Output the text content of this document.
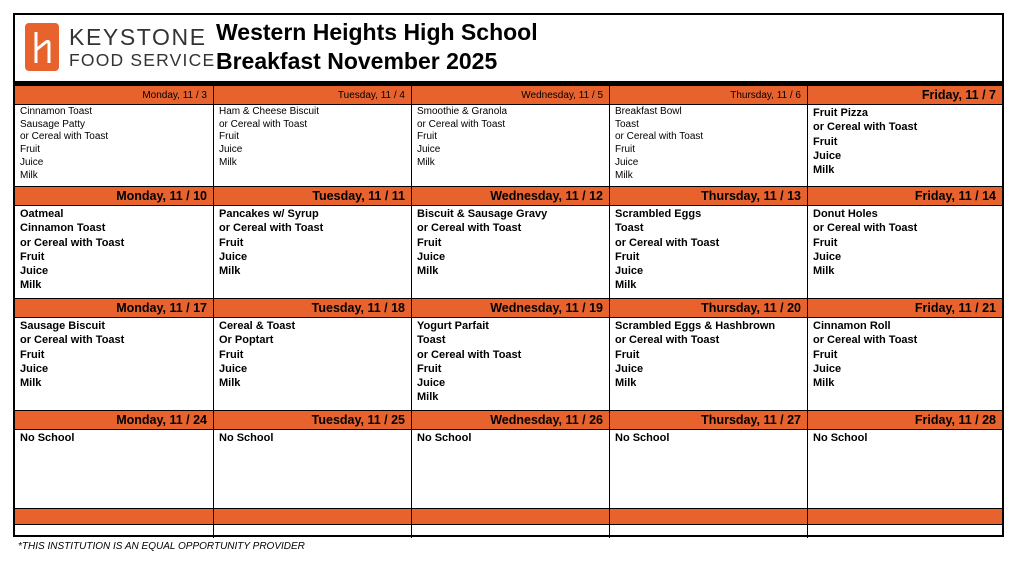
KEYSTONE
FOOD SERVICE
Western Heights High School
Breakfast November 2025
Monday, 11 / 3
Cinnamon Toast
Sausage Patty
or Cereal with Toast
Fruit
Juice
Milk
Tuesday, 11 / 4
Ham & Cheese Biscuit
or Cereal with Toast
Fruit
Juice
Milk
Wednesday, 11 / 5
Smoothie & Granola
or Cereal with Toast
Fruit
Juice
Milk
Thursday, 11 / 6
Breakfast Bowl
Toast
or Cereal with Toast
Fruit
Juice
Milk
Friday, 11 / 7
Fruit Pizza
or Cereal with Toast
Fruit
Juice
Milk
Monday, 11 / 10
Oatmeal
Cinnamon Toast
or Cereal with Toast
Fruit
Juice
Milk
Tuesday, 11 / 11
Pancakes w/ Syrup
or Cereal with Toast
Fruit
Juice
Milk
Wednesday, 11 / 12
Biscuit & Sausage Gravy
or Cereal with Toast
Fruit
Juice
Milk
Thursday, 11 / 13
Scrambled Eggs
Toast
or Cereal with Toast
Fruit
Juice
Milk
Friday, 11 / 14
Donut Holes
or Cereal with Toast
Fruit
Juice
Milk
Monday, 11 / 17
Sausage Biscuit
or Cereal with Toast
Fruit
Juice
Milk
Tuesday, 11 / 18
Cereal & Toast
Or Poptart
Fruit
Juice
Milk
Wednesday, 11 / 19
Yogurt Parfait
Toast
or Cereal with Toast
Fruit
Juice
Milk
Thursday, 11 / 20
Scrambled Eggs & Hashbrown
or Cereal with Toast
Fruit
Juice
Milk
Friday, 11 / 21
Cinnamon Roll
or Cereal with Toast
Fruit
Juice
Milk
Monday, 11 / 24
No School
Tuesday, 11 / 25
No School
Wednesday, 11 / 26
No School
Thursday, 11 / 27
No School
Friday, 11 / 28
No School
*THIS INSTITUTION IS AN EQUAL OPPORTUNITY PROVIDER
